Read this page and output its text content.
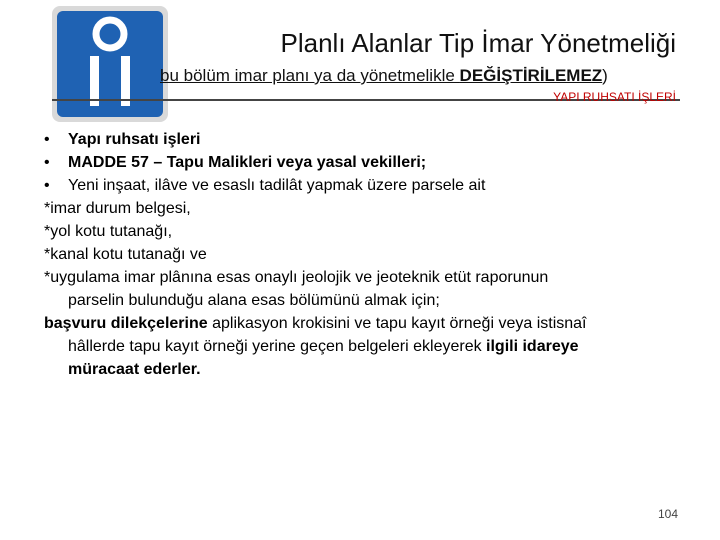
Planlı Alanlar Tip İmar Yönetmeliği
bu bölüm imar planı ya da yönetmelikle DEĞİŞTİRİLEMEZ)
YAPI RUHSATI İŞLERİ
• Yapı ruhsatı işleri
• MADDE 57 – Tapu Malikleri veya yasal vekilleri;
• Yeni inşaat, ilâve ve esaslı tadilât yapmak üzere parsele ait
*imar durum belgesi,
*yol kotu tutanağı,
*kanal kotu tutanağı ve
*uygulama imar plânına esas onaylı jeolojik ve jeoteknik etüt raporunun
parselin bulunduğu alana esas bölümünü almak için;
başvuru dilekçelerine aplikasyon krokisini ve tapu kayıt örneği veya istisnaî
hâllerde tapu kayıt örneği yerine geçen belgeleri ekleyerek ilgili idareye
müracaat ederler.
104
